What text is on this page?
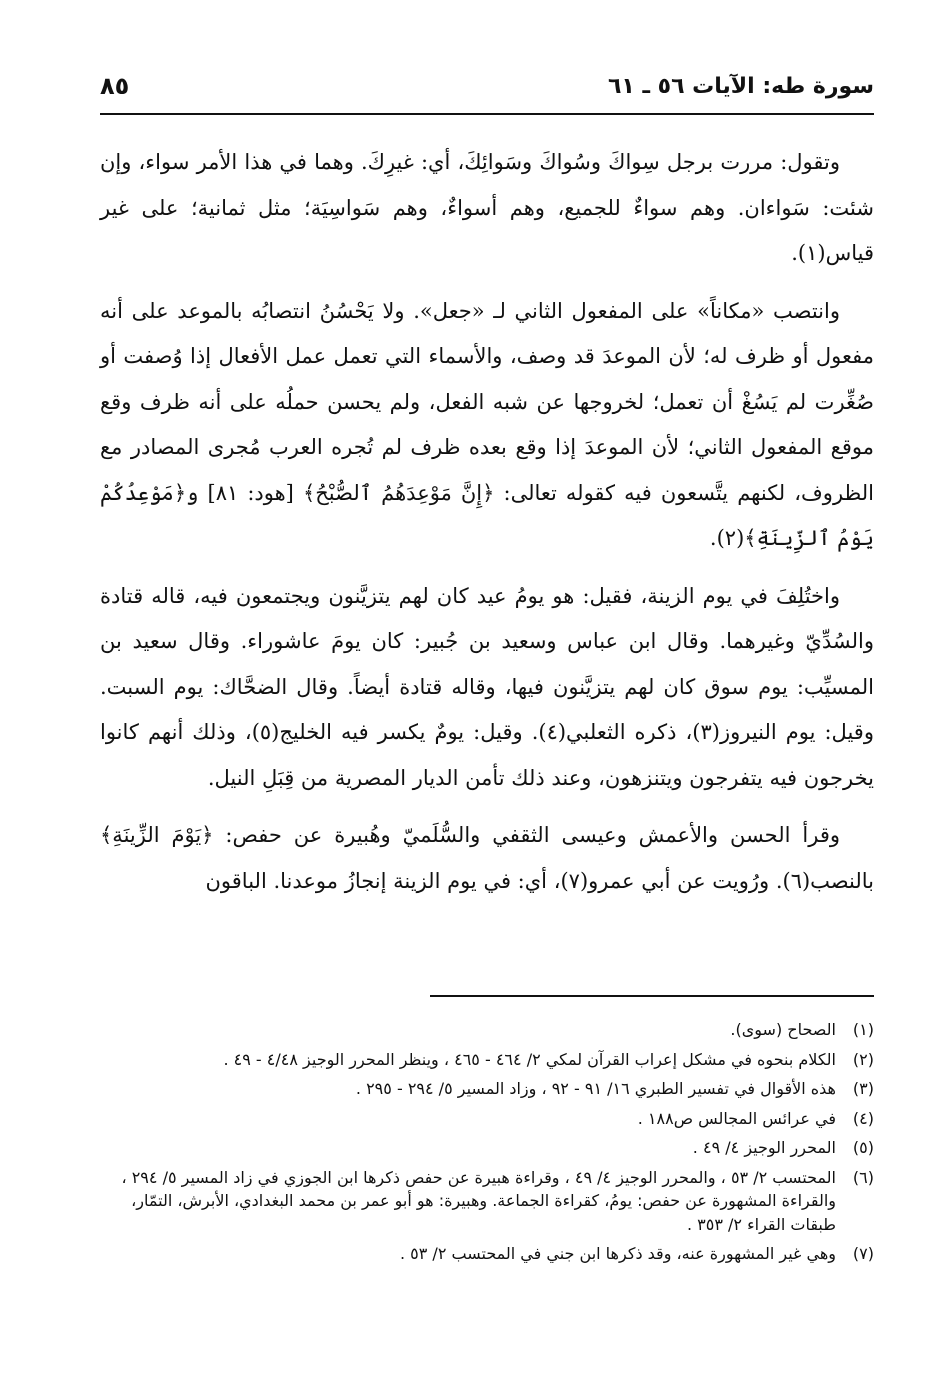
سورة طه: الآيات ٥٦ ـ ٦١
٨٥

وتقول: مررت برجل سِواكَ وسُواكَ وسَوائِكَ، أي: غيرِكَ. وهما في هذا الأمر سواء، وإن شئت: سَواءان. وهم سواءٌ للجميع، وهم أسواءٌ، وهم سَواسِيَة؛ مثل ثمانية؛ على غير قياس(١).

وانتصب «مكاناً» على المفعول الثاني لـ «جعل». ولا يَحْسُنُ انتصابُه بالموعد على أنه مفعول أو ظرف له؛ لأن الموعدَ قد وصف، والأسماء التي تعمل عمل الأفعال إذا وُصفت أو صُغِّرت لم يَسُغْ أن تعمل؛ لخروجها عن شبه الفعل، ولم يحسن حملُه على أنه ظرف وقع موقع المفعول الثاني؛ لأن الموعدَ إذا وقع بعده ظرف لم تُجره العرب مُجرى المصادر مع الظروف، لكنهم يتَّسعون فيه كقوله تعالى: ﴿إِنَّ مَوْعِدَهُمُ ٱلصُّبْحُ﴾ [هود: ٨١] و﴿مَوْعِدُكُمْ يَوْمُ ٱلزِّينَةِ﴾(٢).

واختُلِفَ في يوم الزينة، فقيل: هو يومُ عيد كان لهم يتزيَّنون ويجتمعون فيه، قاله قتادة والسُدِّيّ وغيرهما. وقال ابن عباس وسعيد بن جُبير: كان يومَ عاشوراء. وقال سعيد بن المسيِّب: يوم سوق كان لهم يتزيَّنون فيها، وقاله قتادة أيضاً. وقال الضحَّاك: يوم السبت. وقيل: يوم النيروز(٣)، ذكره الثعلبي(٤). وقيل: يومٌ يكسر فيه الخليج(٥)، وذلك أنهم كانوا يخرجون فيه يتفرجون ويتنزهون، وعند ذلك تأمن الديار المصرية من قِبَلِ النيل.

وقرأ الحسن والأعمش وعيسى الثقفي والسُّلَميّ وهُبيرة عن حفص: ﴿يَوْمَ الزِّينَةِ﴾ بالنصب(٦). ورُويت عن أبي عمرو(٧)، أي: في يوم الزينة إنجازُ موعدنا. الباقون

(١)
الصحاح (سوى).
(٢)
الكلام بنحوه في مشكل إعراب القرآن لمكي ٢/ ٤٦٤ - ٤٦٥ ، وينظر المحرر الوجيز ٤/٤٨ - ٤٩ .
(٣)
هذه الأقوال في تفسير الطبري ١٦/ ٩١ - ٩٢ ، وزاد المسير ٥/ ٢٩٤ - ٢٩٥ .
(٤)
في عرائس المجالس ص١٨٨ .
(٥)
المحرر الوجيز ٤/ ٤٩ .
(٦)
المحتسب ٢/ ٥٣ ، والمحرر الوجيز ٤/ ٤٩ ، وقراءة هبيرة عن حفص ذكرها ابن الجوزي في زاد المسير ٥/ ٢٩٤ ، والقراءة المشهورة عن حفص: يومُ، كقراءة الجماعة. وهبيرة: هو أبو عمر بن محمد البغدادي، الأبرش، التمّار، طبقات القراء ٢/ ٣٥٣ .
(٧)
وهي غير المشهورة عنه، وقد ذكرها ابن جني في المحتسب ٢/ ٥٣ .
